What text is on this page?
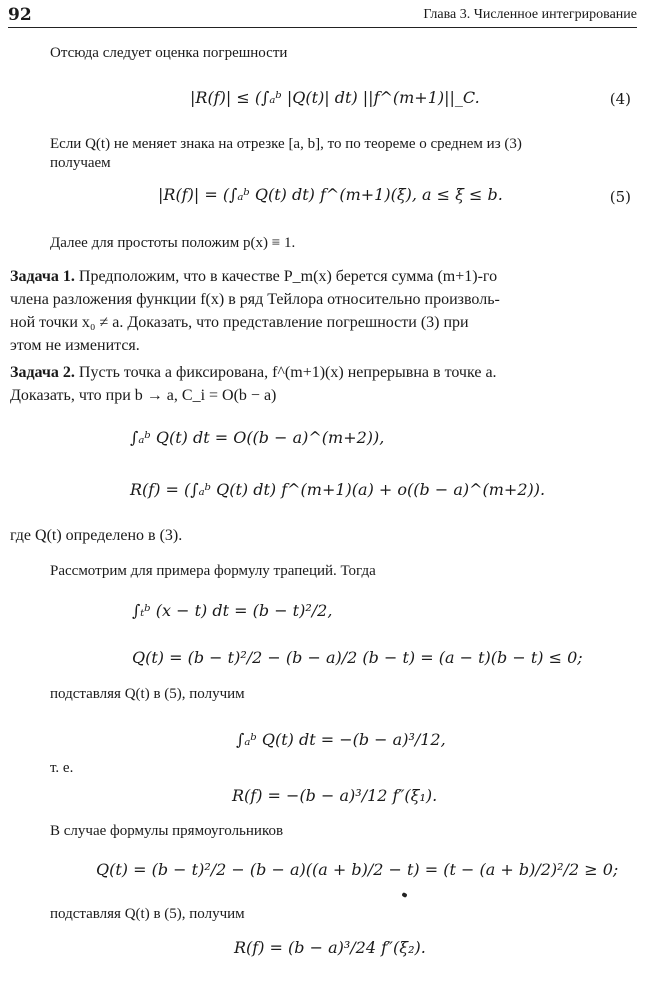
92	Глава 3. Численное интегрирование
Отсюда следует оценка погрешности
|R(f)| ≤ (∫ₐᵇ |Q(t)| dt) ||f^(m+1)||_C.	(4)
Если Q(t) не меняет знака на отрезке [a, b], то по теореме о среднем из (3)
получаем
|R(f)| = (∫ₐᵇ Q(t) dt) f^(m+1)(ξ), a ≤ ξ ≤ b.	(5)
Далее для простоты положим p(x) ≡ 1.
Задача 1. Предположим, что в качестве P_m(x) берется сумма (m+1)-го
члена разложения функции f(x) в ряд Тейлора относительно произволь-
ной точки x₀ ≠ a. Доказать, что представление погрешности (3) при
этом не изменится.
Задача 2. Пусть точка a фиксирована, f^(m+1)(x) непрерывна в точке a.
Доказать, что при b → a, C_i = O(b − a)
∫ₐᵇ Q(t) dt = O((b − a)^(m+2)),
R(f) = (∫ₐᵇ Q(t) dt) f^(m+1)(a) + o((b − a)^(m+2)).
где Q(t) определено в (3).
Рассмотрим для примера формулу трапеций. Тогда
∫ₜᵇ (x − t) dt = (b − t)²/2,
Q(t) = (b − t)²/2 − (b − a)/2 (b − t) = (a − t)(b − t) ≤ 0;
подставляя Q(t) в (5), получим
∫ₐᵇ Q(t) dt = −(b − a)³/12,
т. е.
R(f) = −(b − a)³/12 f″(ξ₁).
В случае формулы прямоугольников
Q(t) = (b − t)²/2 − (b − a)((a + b)/2 − t) = (t − (a + b)/2)²/2 ≥ 0;
подставляя Q(t) в (5), получим
R(f) = (b − a)³/24 f″(ξ₂).
